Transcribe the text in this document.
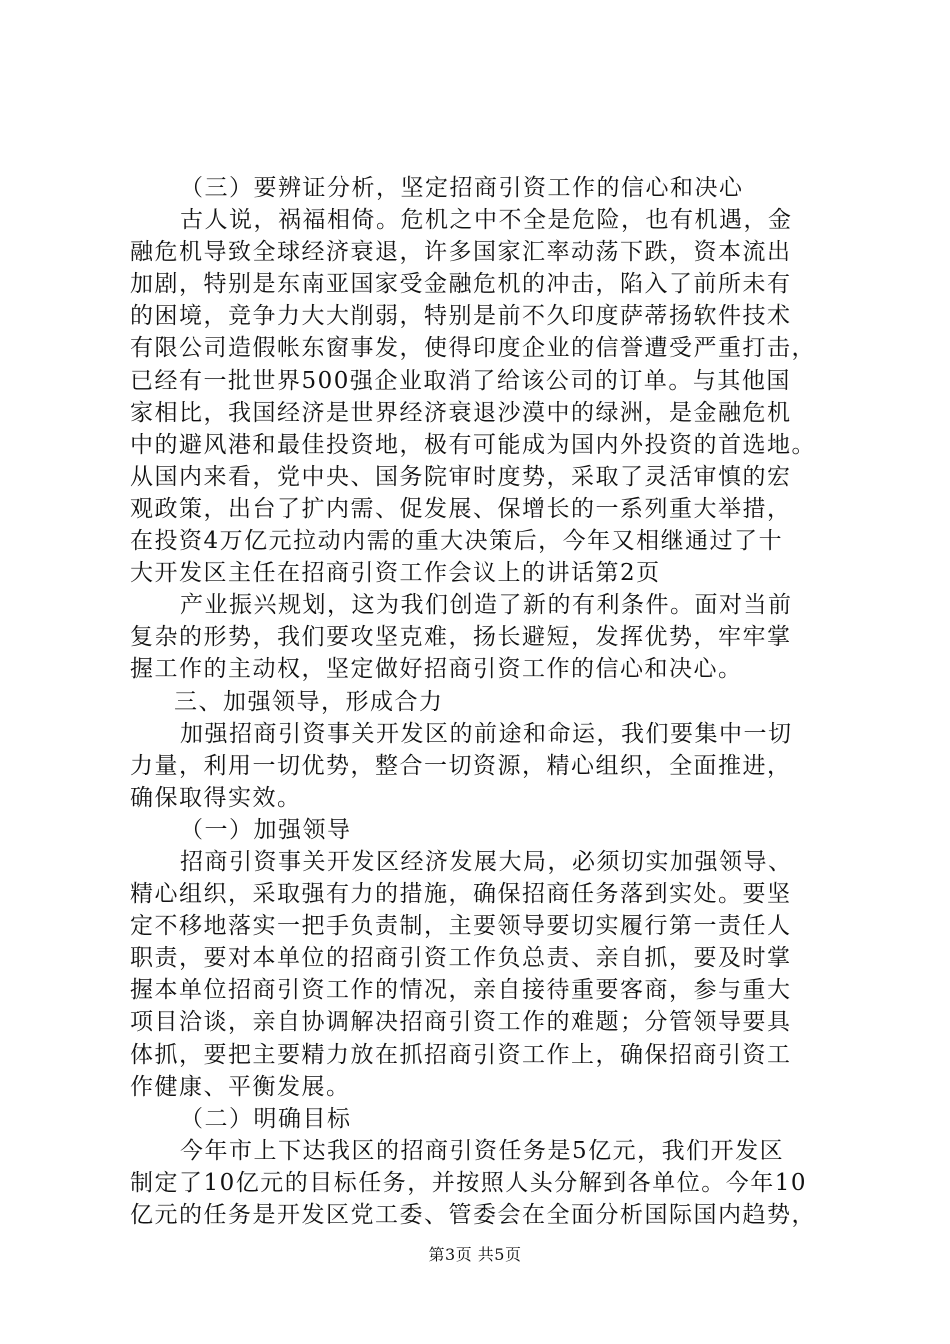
（三）要辨证分析，坚定招商引资工作的信心和决心
古人说，祸福相倚。危机之中不全是危险，也有机遇，金
融危机导致全球经济衰退，许多国家汇率动荡下跌，资本流出
加剧，特别是东南亚国家受金融危机的冲击，陷入了前所未有
的困境，竞争力大大削弱，特别是前不久印度萨蒂扬软件技术
有限公司造假帐东窗事发，使得印度企业的信誉遭受严重打击，
已经有一批世界500强企业取消了给该公司的订单。与其他国
家相比，我国经济是世界经济衰退沙漠中的绿洲，是金融危机
中的避风港和最佳投资地，极有可能成为国内外投资的首选地。
从国内来看，党中央、国务院审时度势，采取了灵活审慎的宏
观政策，出台了扩内需、促发展、保增长的一系列重大举措，
在投资4万亿元拉动内需的重大决策后，今年又相继通过了十
大开发区主任在招商引资工作会议上的讲话第2页
产业振兴规划，这为我们创造了新的有利条件。面对当前
复杂的形势，我们要攻坚克难，扬长避短，发挥优势，牢牢掌
握工作的主动权，坚定做好招商引资工作的信心和决心。
三、加强领导，形成合力
加强招商引资事关开发区的前途和命运，我们要集中一切
力量，利用一切优势，整合一切资源，精心组织，全面推进，
确保取得实效。
（一）加强领导
招商引资事关开发区经济发展大局，必须切实加强领导、
精心组织，采取强有力的措施，确保招商任务落到实处。要坚
定不移地落实一把手负责制，主要领导要切实履行第一责任人
职责，要对本单位的招商引资工作负总责、亲自抓，要及时掌
握本单位招商引资工作的情况，亲自接待重要客商，参与重大
项目洽谈，亲自协调解决招商引资工作的难题；分管领导要具
体抓，要把主要精力放在抓招商引资工作上，确保招商引资工
作健康、平衡发展。
（二）明确目标
今年市上下达我区的招商引资任务是5亿元，我们开发区
制定了10亿元的目标任务，并按照人头分解到各单位。今年10
亿元的任务是开发区党工委、管委会在全面分析国际国内趋势，
第3页 共5页
